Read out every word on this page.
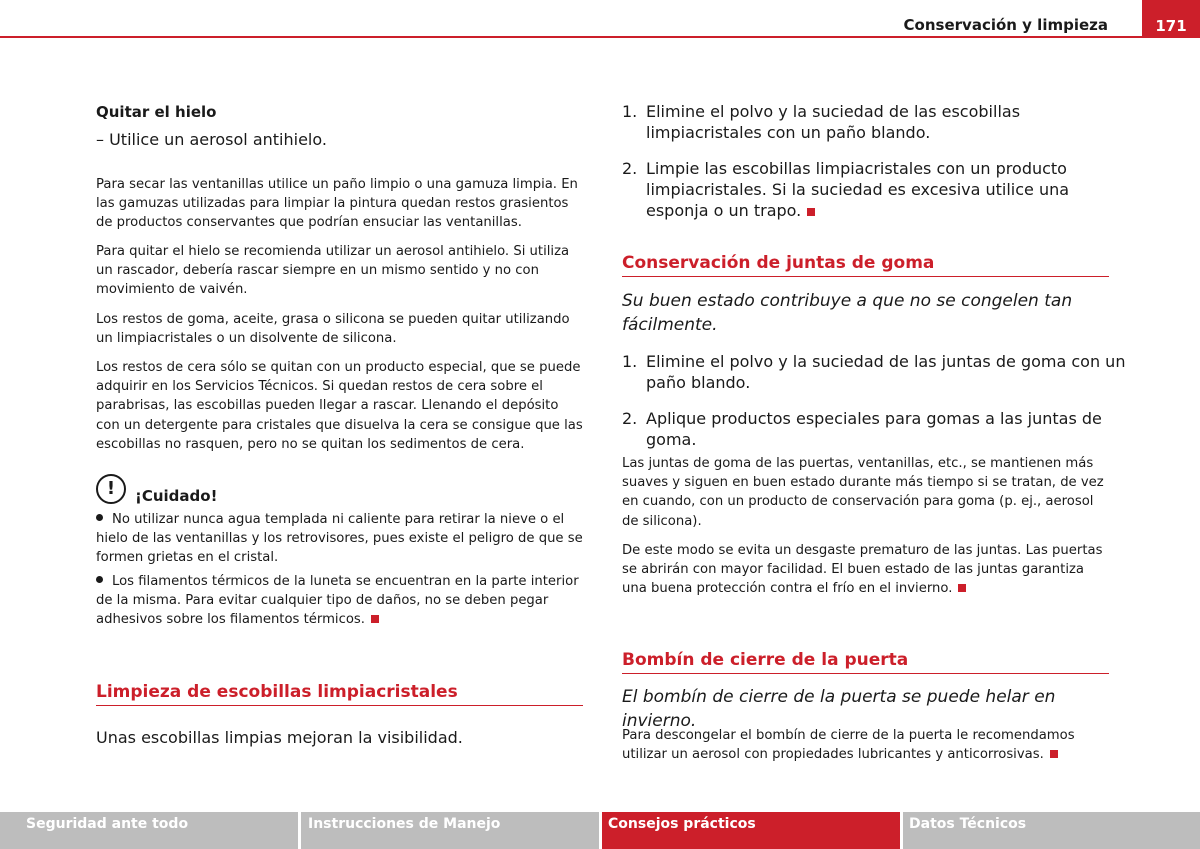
Conservación y limpieza	171
Quitar el hielo
– Utilice un aerosol antihielo.
Para secar las ventanillas utilice un paño limpio o una gamuza limpia. En las gamuzas utilizadas para limpiar la pintura quedan restos grasientos de productos conservantes que podrían ensuciar las ventanillas.
Para quitar el hielo se recomienda utilizar un aerosol antihielo. Si utiliza un rascador, debería rascar siempre en un mismo sentido y no con movimiento de vaivén.
Los restos de goma, aceite, grasa o silicona se pueden quitar utilizando un limpiacristales o un disolvente de silicona.
Los restos de cera sólo se quitan con un producto especial, que se puede adquirir en los Servicios Técnicos. Si quedan restos de cera sobre el parabrisas, las escobillas pueden llegar a rascar. Llenando el depósito con un detergente para cristales que disuelva la cera se consigue que las escobillas no rasquen, pero no se quitan los sedimentos de cera.
!	¡Cuidado!
No utilizar nunca agua templada ni caliente para retirar la nieve o el hielo de las ventanillas y los retrovisores, pues existe el peligro de que se formen grietas en el cristal.
Los filamentos térmicos de la luneta se encuentran en la parte interior de la misma. Para evitar cualquier tipo de daños, no se deben pegar adhesivos sobre los filamentos térmicos.
Limpieza de escobillas limpiacristales
Unas escobillas limpias mejoran la visibilidad.
1. Elimine el polvo y la suciedad de las escobillas limpiacristales con un paño blando.
2. Limpie las escobillas limpiacristales con un producto limpiacristales. Si la suciedad es excesiva utilice una esponja o un trapo.
Conservación de juntas de goma
Su buen estado contribuye a que no se congelen tan fácilmente.
1. Elimine el polvo y la suciedad de las juntas de goma con un paño blando.
2. Aplique productos especiales para gomas a las juntas de goma.
Las juntas de goma de las puertas, ventanillas, etc., se mantienen más suaves y siguen en buen estado durante más tiempo si se tratan, de vez en cuando, con un producto de conservación para goma (p. ej., aerosol de silicona).
De este modo se evita un desgaste prematuro de las juntas. Las puertas se abrirán con mayor facilidad. El buen estado de las juntas garantiza una buena protección contra el frío en el invierno.
Bombín de cierre de la puerta
El bombín de cierre de la puerta se puede helar en invierno.
Para descongelar el bombín de cierre de la puerta le recomendamos utilizar un aerosol con propiedades lubricantes y anticorrosivas.
Seguridad ante todo	Instrucciones de Manejo	Consejos prácticos	Datos Técnicos
